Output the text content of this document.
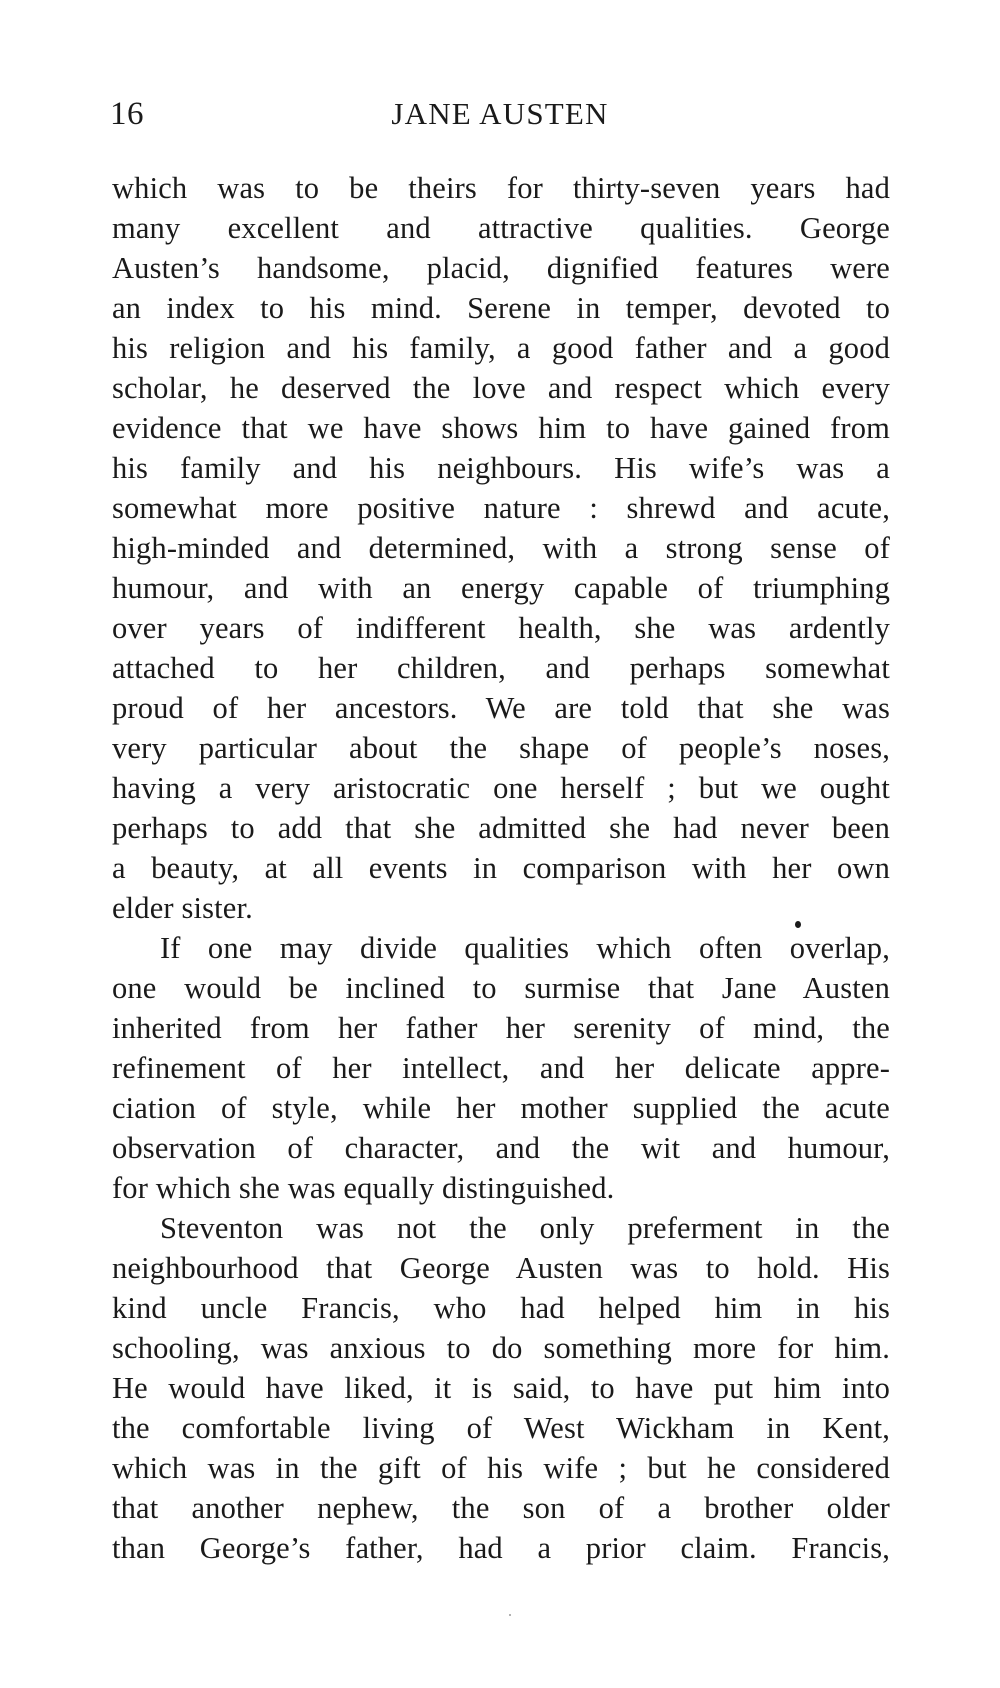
16	JANE AUSTEN
which was to be theirs for thirty-seven years had
many excellent and attractive qualities. George
Austen’s handsome, placid, dignified features were
an index to his mind. Serene in temper, devoted to
his religion and his family, a good father and a good
scholar, he deserved the love and respect which every
evidence that we have shows him to have gained from
his family and his neighbours. His wife’s was a
somewhat more positive nature : shrewd and acute,
high-minded and determined, with a strong sense of
humour, and with an energy capable of triumphing
over years of indifferent health, she was ardently
attached to her children, and perhaps somewhat
proud of her ancestors. We are told that she was
very particular about the shape of people’s noses,
having a very aristocratic one herself ; but we ought
perhaps to add that she admitted she had never been
a beauty, at all events in comparison with her own
elder sister.
If one may divide qualities which often overlap,
one would be inclined to surmise that Jane Austen
inherited from her father her serenity of mind, the
refinement of her intellect, and her delicate appre-
ciation of style, while her mother supplied the acute
observation of character, and the wit and humour,
for which she was equally distinguished.
Steventon was not the only preferment in the
neighbourhood that George Austen was to hold. His
kind uncle Francis, who had helped him in his
schooling, was anxious to do something more for him.
He would have liked, it is said, to have put him into
the comfortable living of West Wickham in Kent,
which was in the gift of his wife ; but he considered
that another nephew, the son of a brother older
than George’s father, had a prior claim. Francis,
